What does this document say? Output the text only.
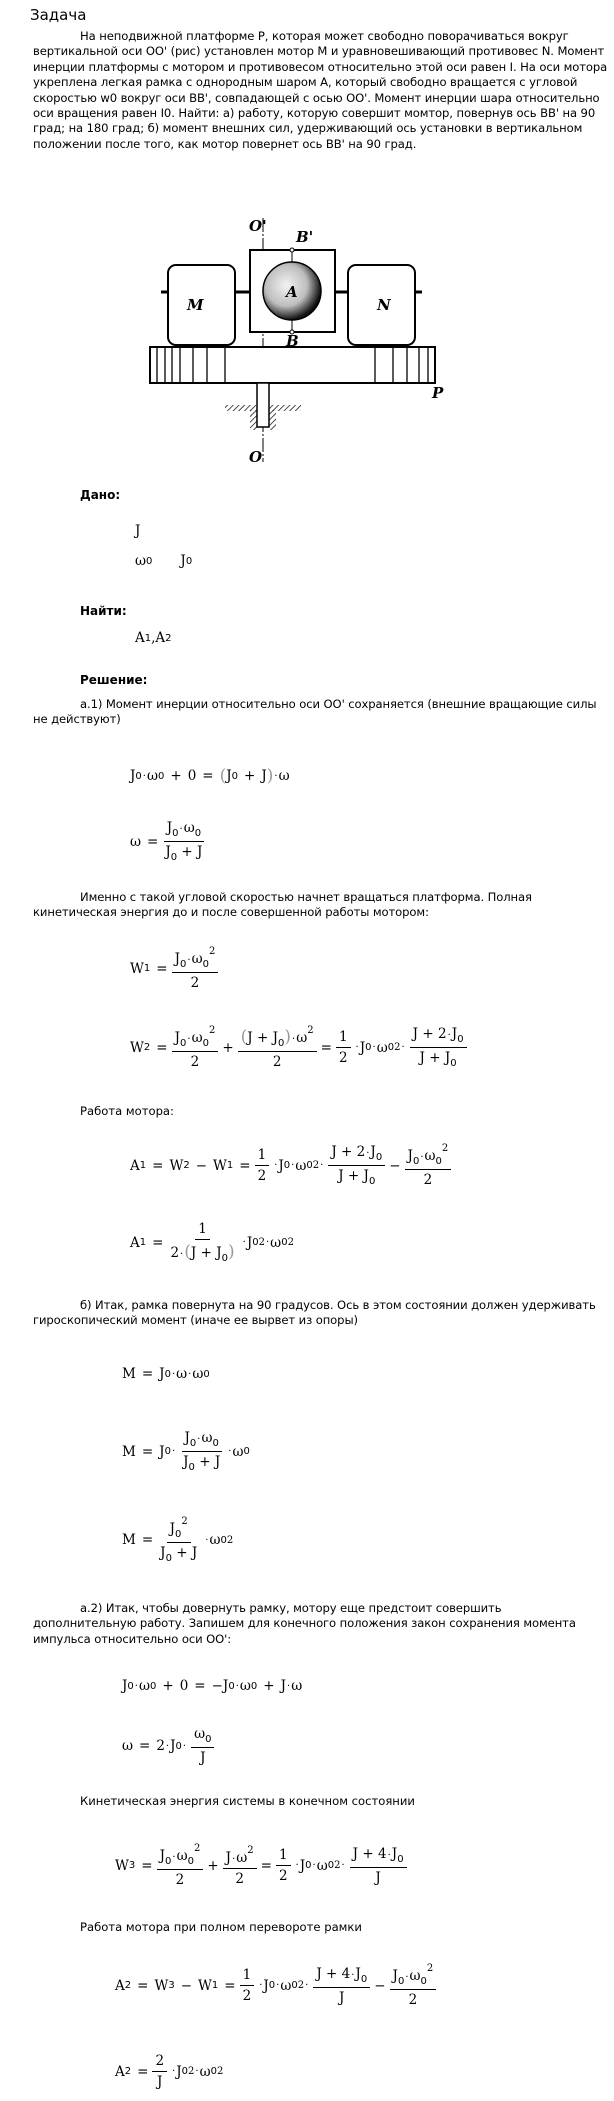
Задача

На неподвижной платформе P, которая может свободно поворачиваться вокруг вертикальной оси OO' (рис) установлен мотор M и уравновешивающий противовес N. Момент инерции платформы с мотором и противовесом относительно этой оси равен I. На оси мотора укреплена легкая рамка с однородным шаром A, который свободно вращается с угловой скоростью w0 вокруг оси BB', совпадающей с осью OO'. Момент инерции шара относительно оси вращения равен I0. Найти: а) работу, которую совершит момтор, повернув ось BB' на 90 град; на 180 град; б) момент внешних сил, удерживающий ось установки в вертикальном положении после того, как мотор повернет ось BB' на 90 град.

O'
B'
M
A
N
B
P
O
Дано:
J
ω 0 J 0
Найти:
A 1 ,A 2
Решение:

а.1) Момент инерции относительно оси OO' сохраняется (внешние вращающие силы не действуют)

J 0 · ω 0 + 0 = ( J 0 + J ) · ω
$\omega = \frac{J_0\cdot\omega_0}{J_0 + J}$

Именно с такой угловой скоростью начнет вращаться платформа. Полная кинетическая энергия до и после совершенной работы мотором:

W $1 = \frac{J_0\cdot\omega_0^2}{2}$
W $2 = \frac{J_0\cdot\omega_0^2}{2} + \frac{(J + J_0)\cdot\omega^2}{2} = \frac{1}{2} \cdot J$ 0 · ω 0 $2 \cdot \frac{J + 2\cdot J_0}{J + J_0}$
Работа мотора:
A 1 = W 2 − W $1 = \frac{1}{2} \cdot J$ 0 · ω 0 $2 \cdot \frac{J + 2\cdot J_0}{J + J_0} - \frac{J_0\cdot\omega_0^2}{2}$
A $1 = \frac{1}{2\cdot(J + J_0)} \cdot J$ 0 2 · ω 0 2

б) Итак, рамка повернута на 90 градусов. Ось в этом состоянии должен удерживать гироскопический момент (иначе ее вырвет из опоры)

M = J 0 · ω · ω 0
M = J $0 \cdot \frac{J_0\cdot\omega_0}{J_0 + J} \cdot \omega$ 0
$M = \frac{J_0^2}{J_0 + J} \cdot \omega$ 0 2

а.2) Итак, чтобы довернуть рамку, мотору еще предстоит совершить дополнительную работу. Запишем для конечного положения закон сохранения момента импульса относительно оси OO':

J 0 · ω 0 + 0 = − J 0 · ω 0 + J · ω
ω = 2 · J $0 \cdot \frac{\omega_0}{J}$
Кинетическая энергия системы в конечном состоянии
W $3 = \frac{J_0\cdot\omega_0^2}{2} + \frac{J\cdot\omega^2}{2} = \frac{1}{2} \cdot J$ 0 · ω 0 $2 \cdot \frac{J + 4\cdot J_0}{J}$
Работа мотора при полном перевороте рамки
A 2 = W 3 − W $1 = \frac{1}{2} \cdot J$ 0 · ω 0 $2 \cdot \frac{J + 4\cdot J_0}{J} - \frac{J_0\cdot\omega_0^2}{2}$
A $2 = \frac{2}{J} \cdot J$ 0 2 · ω 0 2
